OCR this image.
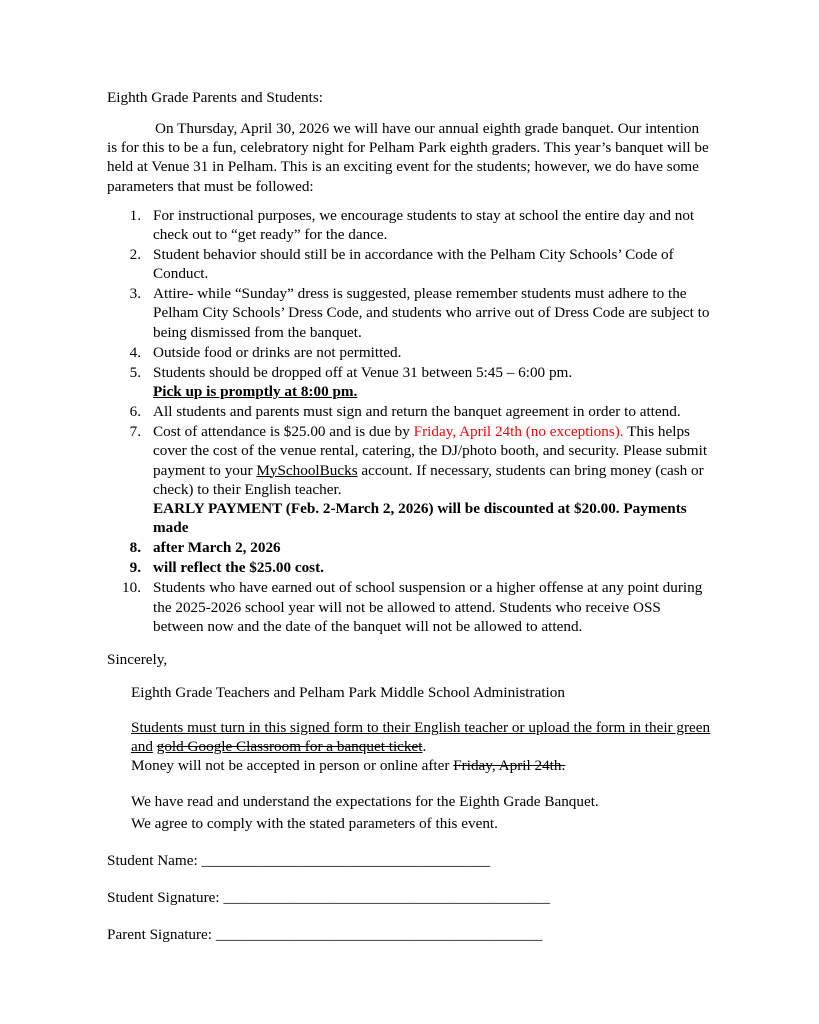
Eighth Grade Parents and Students:

On Thursday, April 30, 2026 we will have our annual eighth grade banquet. Our intention is for this to be a fun, celebratory night for Pelham Park eighth graders. This year’s banquet will be held at Venue 31 in Pelham. This is an exciting event for the students; however, we do have some parameters that must be followed:

1. For instructional purposes, we encourage students to stay at school the entire day and not check out to “get ready” for the dance.
2. Student behavior should still be in accordance with the Pelham City Schools’ Code of Conduct.
3. Attire- while “Sunday” dress is suggested, please remember students must adhere to the Pelham City Schools’ Dress Code, and students who arrive out of Dress Code are subject to being dismissed from the banquet.
4. Outside food or drinks are not permitted.
5. Students should be dropped off at Venue 31 between 5:45 – 6:00 pm.
Pick up is promptly at 8:00 pm.
6. All students and parents must sign and return the banquet agreement in order to attend.
7. Cost of attendance is $25.00 and is due by Friday, April 24th (no exceptions). This helps cover the cost of the venue rental, catering, the DJ/photo booth, and security. Please submit payment to your MySchoolBucks account. If necessary, students can bring money (cash or check) to their English teacher.
EARLY PAYMENT (Feb. 2-March 2, 2026) will be discounted at $20.00. Payments made
8. after March 2, 2026
9. will reflect the $25.00 cost.
10. Students who have earned out of school suspension or a higher offense at any point during the 2025-2026 school year will not be allowed to attend. Students who receive OSS between now and the date of the banquet will not be allowed to attend.

Sincerely,

Eighth Grade Teachers and Pelham Park Middle School Administration

Students must turn in this signed form to their English teacher or upload the form in their green and gold Google Classroom for a banquet ticket.

Money will not be accepted in person or online after Friday, April 24th.

We have read and understand the expectations for the Eighth Grade Banquet.

We agree to comply with the stated parameters of this event.

Student Name: ______________________________________
Student Signature: ___________________________________________
Parent Signature: ___________________________________________
